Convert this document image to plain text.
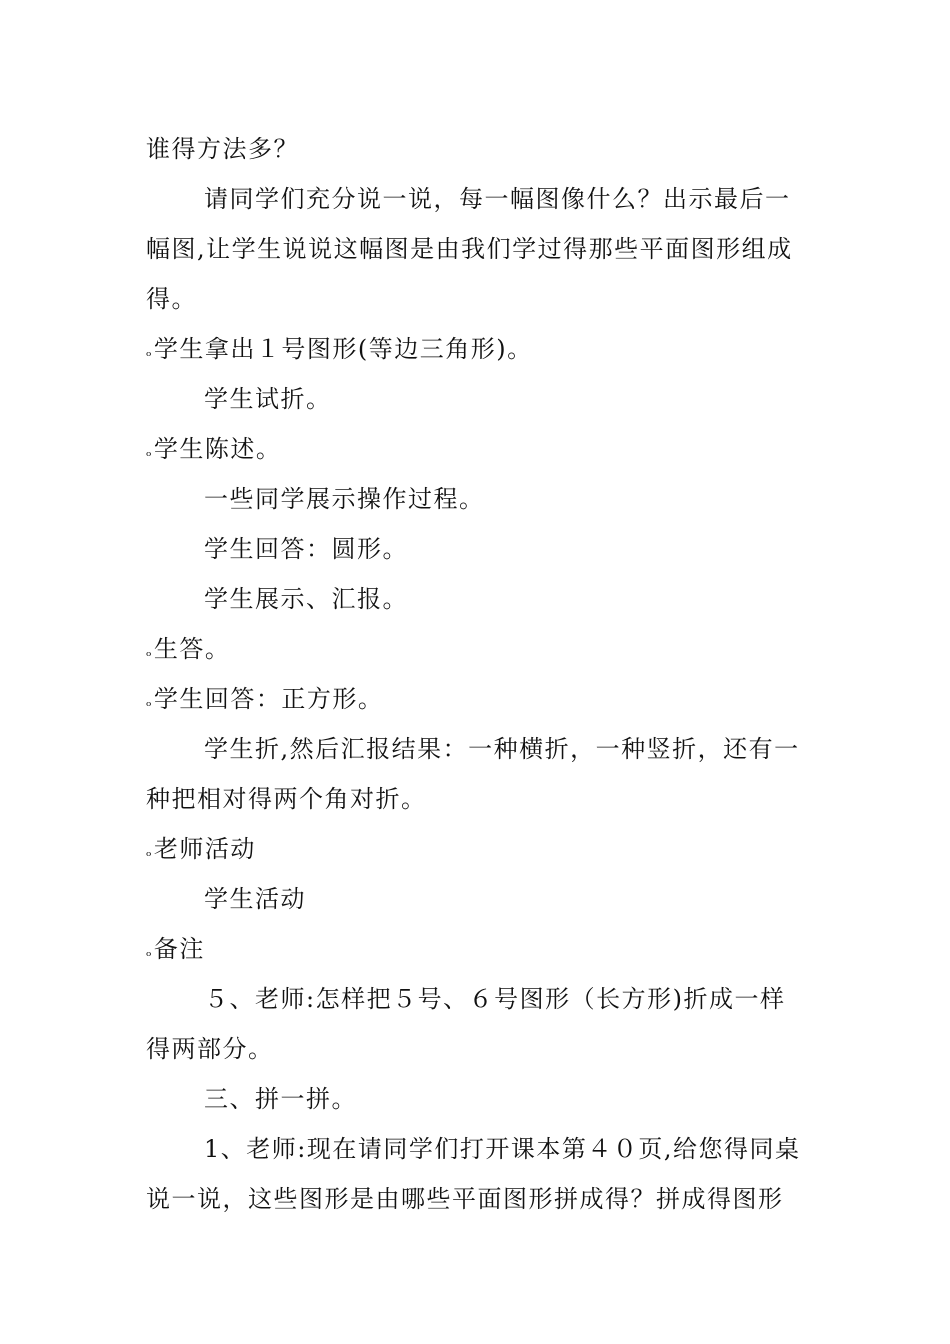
谁得方法多？
请同学们充分说一说，每一幅图像什么？出示最后一
幅图,让学生说说这幅图是由我们学过得那些平面图形组成
得。
ₒ学生拿出１号图形(等边三角形)。
学生试折。
ₒ学生陈述。
一些同学展示操作过程。
学生回答：圆形。
学生展示、汇报。
ₒ生答。
ₒ学生回答：正方形。
学生折,然后汇报结果：一种横折，一种竖折，还有一
种把相对得两个角对折。
ₒ老师活动
学生活动
ₒ备注
５、老师:怎样把５号、６号图形（长方形)折成一样
得两部分。
三、拼一拼。
1、老师:现在请同学们打开课本第４０页,给您得同桌
说一说，这些图形是由哪些平面图形拼成得？拼成得图形
